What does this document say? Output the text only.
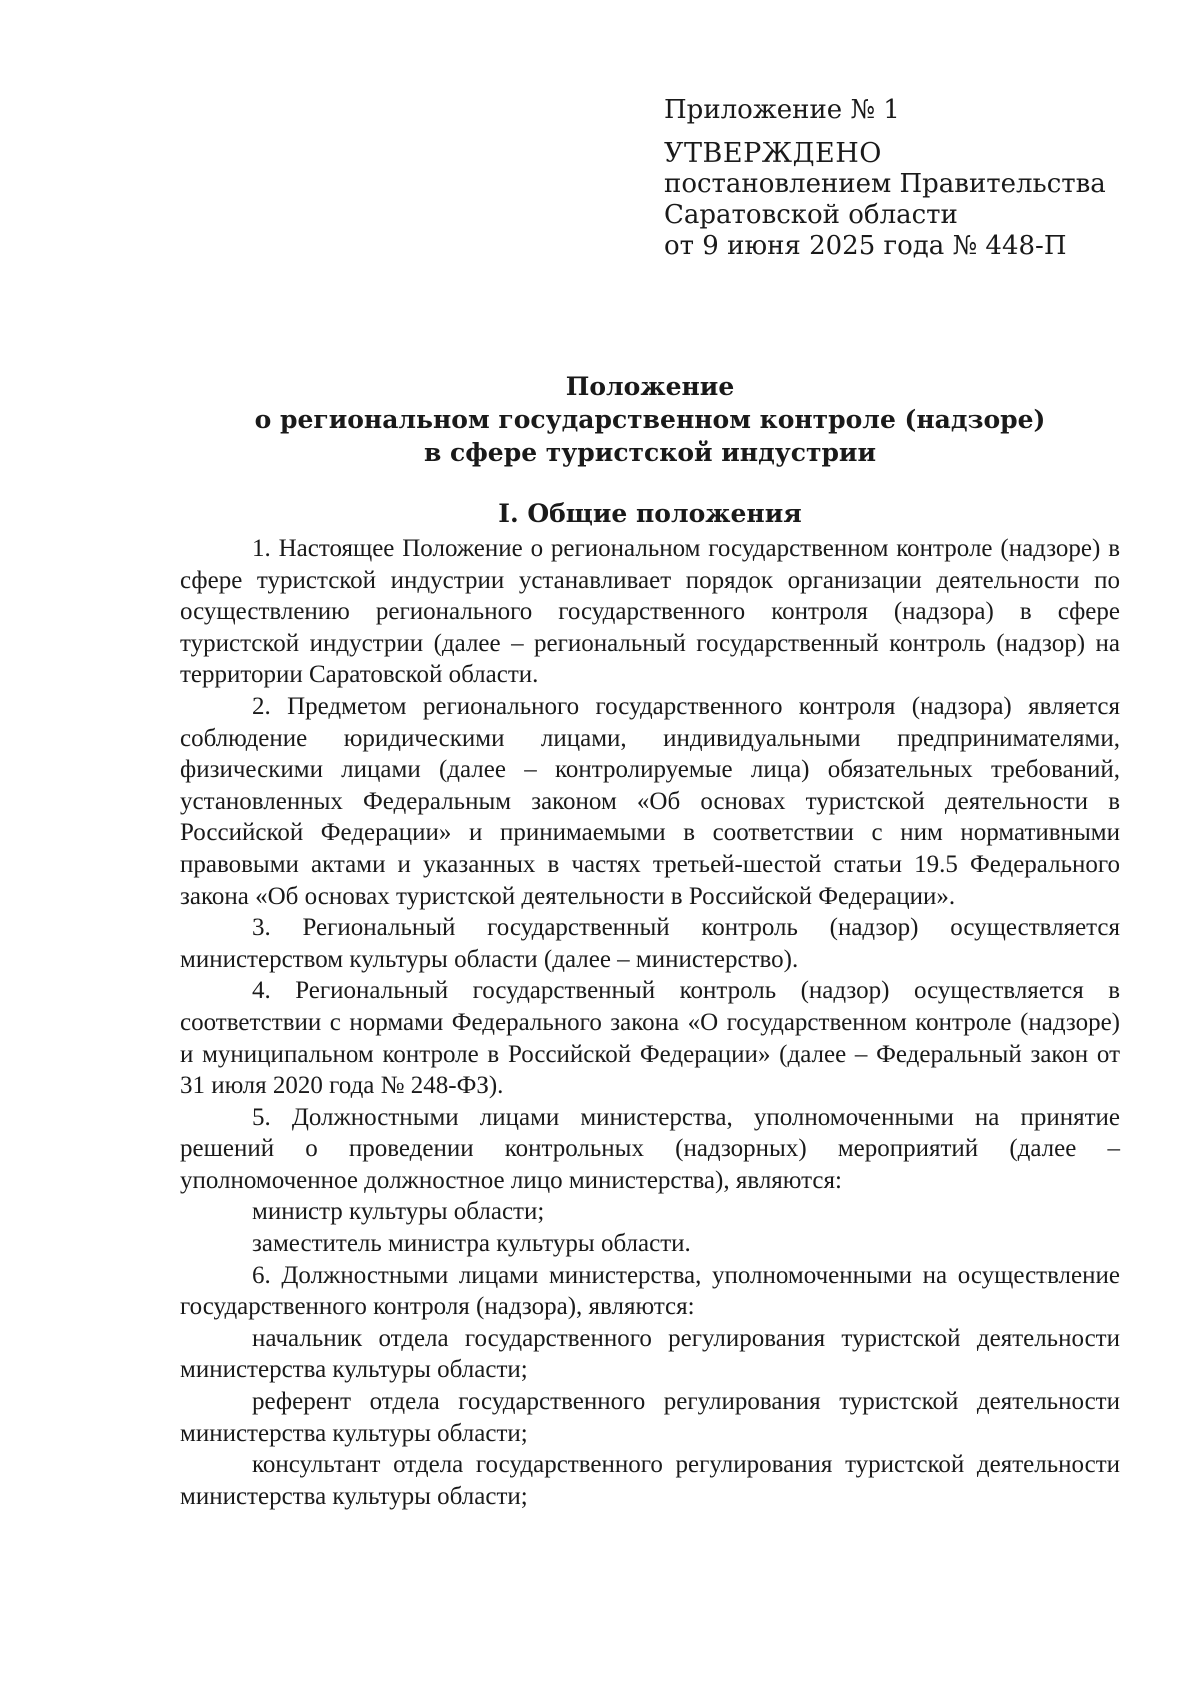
Приложение № 1
УТВЕРЖДЕНО
постановлением Правительства
Саратовской области
от 9 июня 2025 года № 448-П
Положение
о региональном государственном контроле (надзоре)
в сфере туристской индустрии
I. Общие положения

1. Настоящее Положение о региональном государственном контроле (надзоре) в сфере туристской индустрии устанавливает порядок организации деятельности по осуществлению регионального государственного контроля (надзора) в сфере туристской индустрии (далее – региональный государственный контроль (надзор) на территории Саратовской области.

2. Предметом регионального государственного контроля (надзора) является соблюдение юридическими лицами, индивидуальными предпринимателями, физическими лицами (далее – контролируемые лица) обязательных требований, установленных Федеральным законом «Об основах туристской деятельности в Российской Федерации» и принимаемыми в соответствии с ним нормативными правовыми актами и указанных в частях третьей-шестой статьи 19.5 Федерального закона «Об основах туристской деятельности в Российской Федерации».

3. Региональный государственный контроль (надзор) осуществляется министерством культуры области (далее – министерство).

4. Региональный государственный контроль (надзор) осуществляется в соответствии с нормами Федерального закона «О государственном контроле (надзоре) и муниципальном контроле в Российской Федерации» (далее – Федеральный закон от 31 июля 2020 года № 248-ФЗ).

5. Должностными лицами министерства, уполномоченными на принятие решений о проведении контрольных (надзорных) мероприятий (далее – уполномоченное должностное лицо министерства), являются:

министр культуры области;

заместитель министра культуры области.

6. Должностными лицами министерства, уполномоченными на осуществление государственного контроля (надзора), являются:

начальник отдела государственного регулирования туристской деятельности министерства культуры области;

референт отдела государственного регулирования туристской деятельности министерства культуры области;

консультант отдела государственного регулирования туристской деятельности министерства культуры области;
